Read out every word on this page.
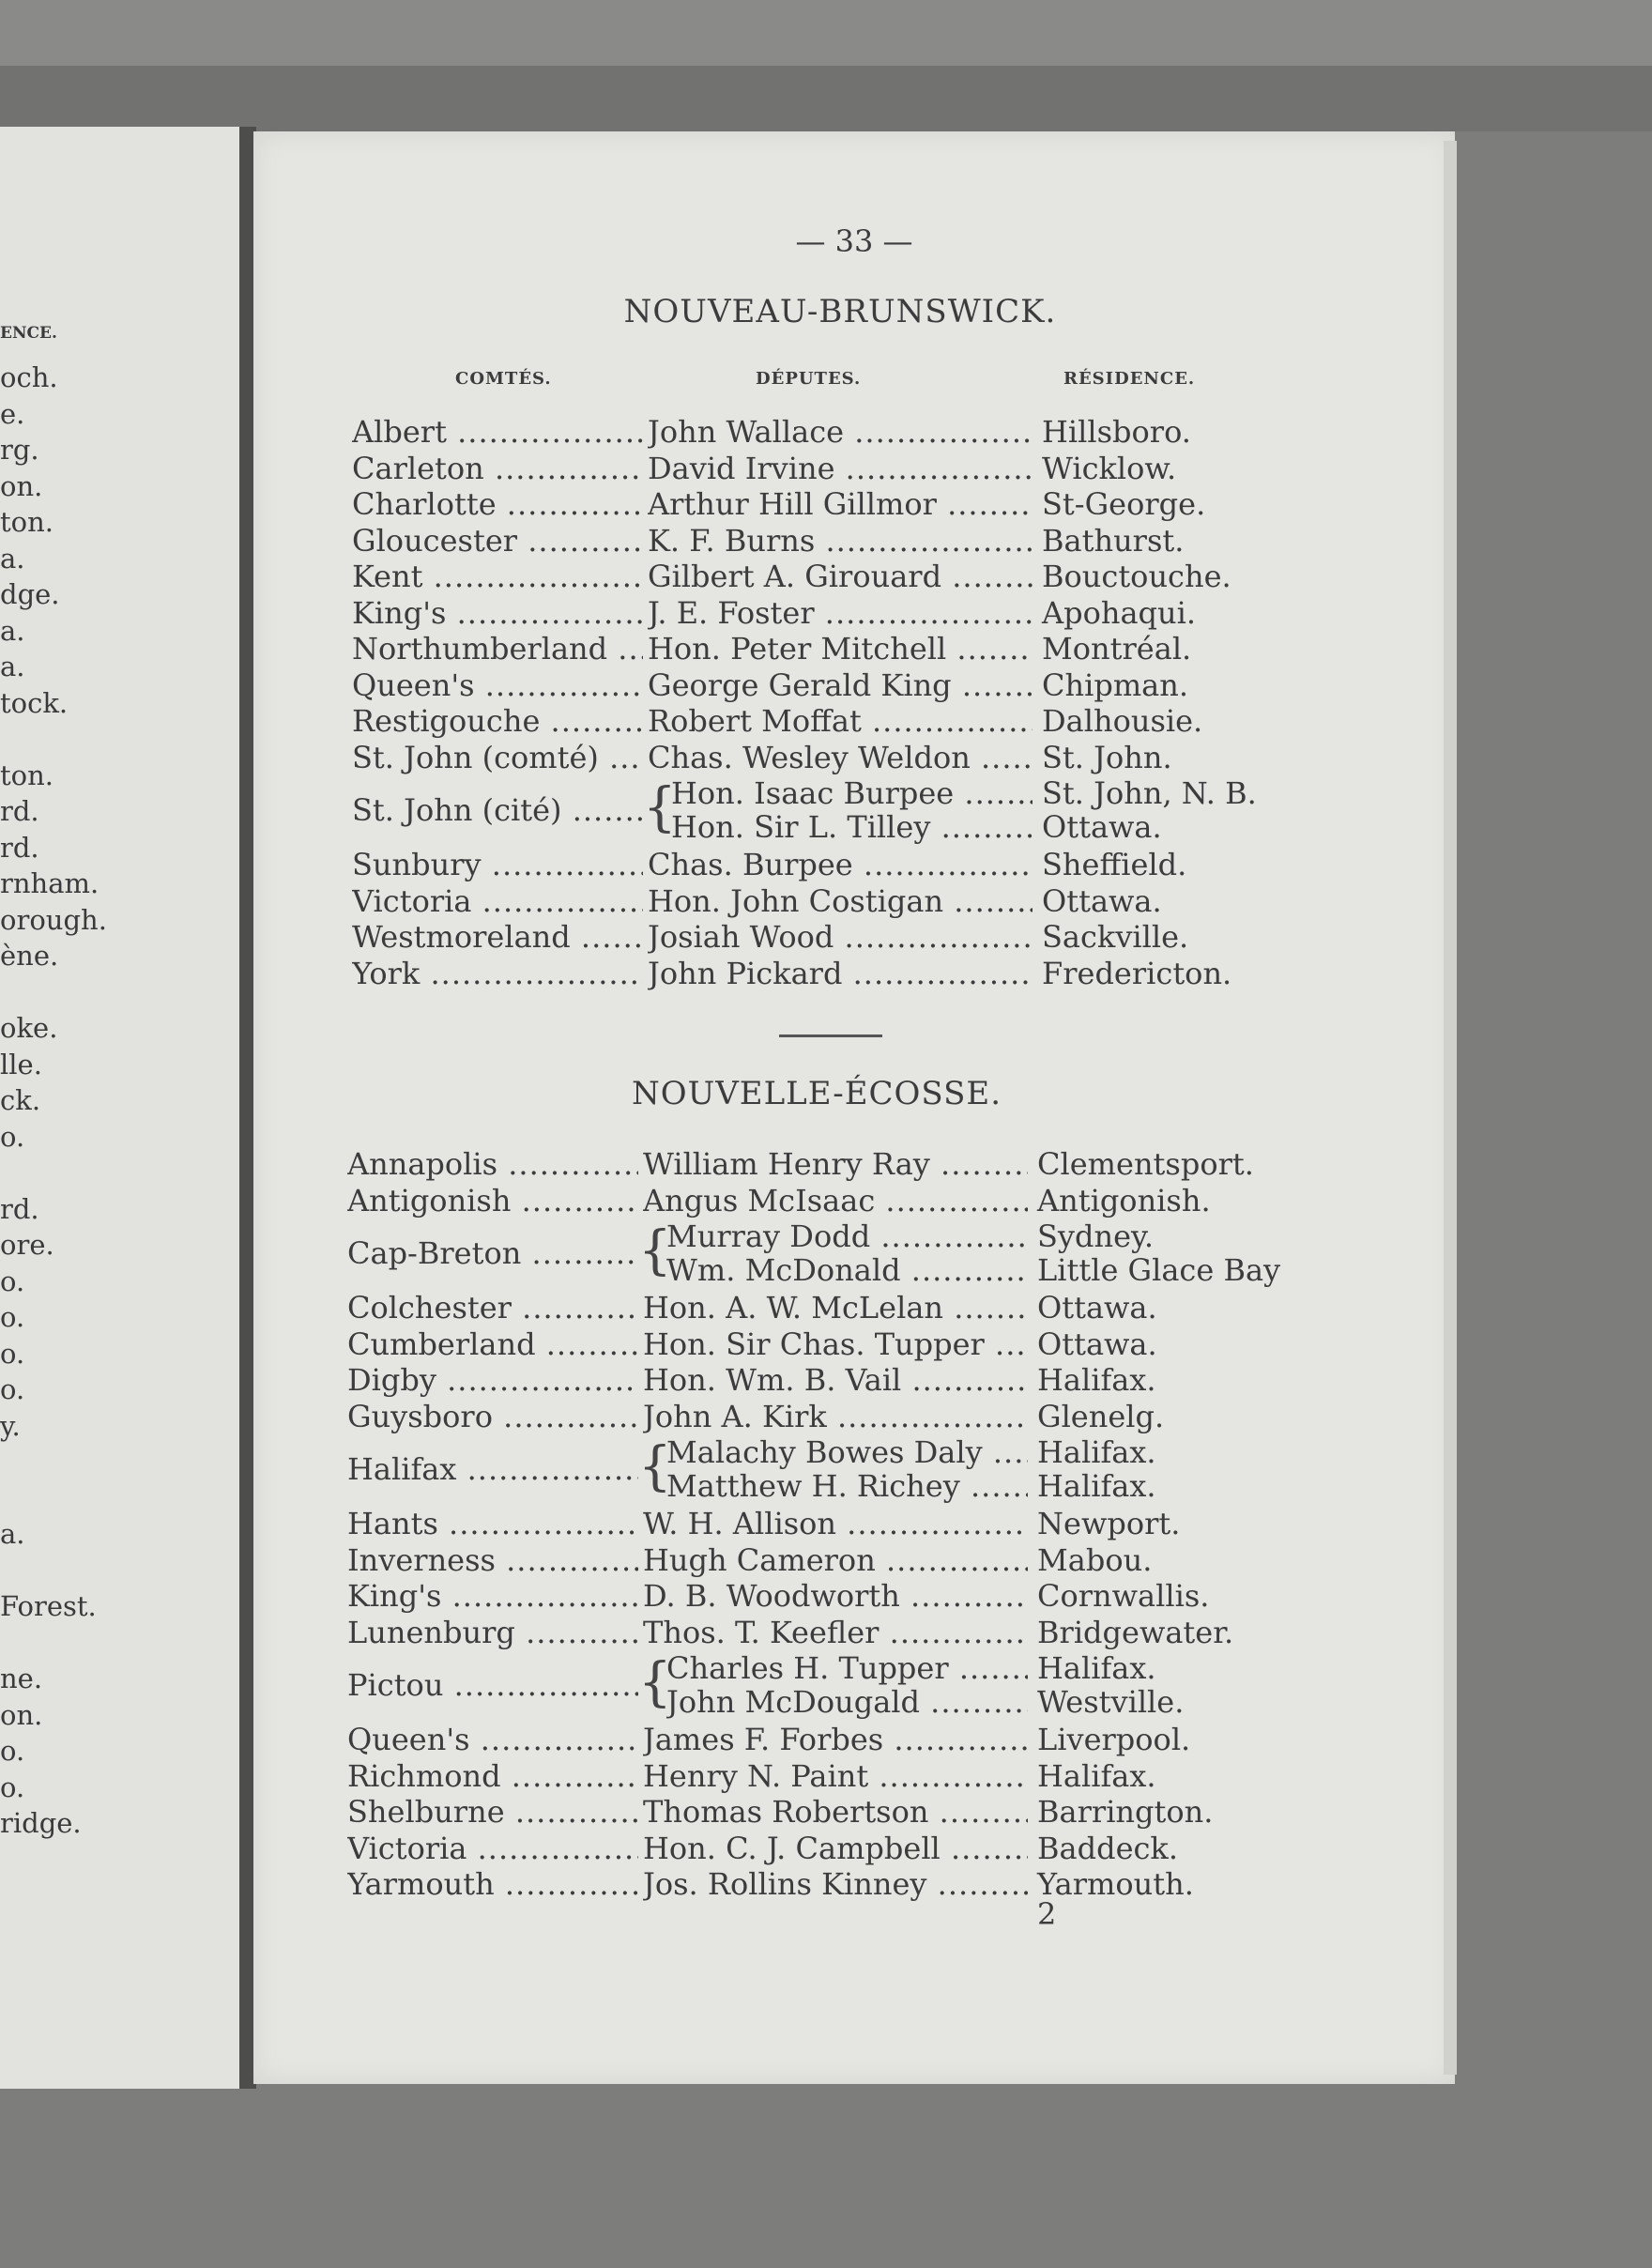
ENCE.
och.
e.
rg.
on.
ton.
a.
dge.
a.
a.
tock.
ton.
rd.
rd.
rnham.
orough.
ène.
oke.
lle.
ck.
o.
rd.
ore.
o.
o.
o.
o.
y.
a.
Forest.
ne.
on.
o.
o.
ridge.
— 33 —
NOUVEAU-BRUNSWICK.
COMTÉS.	DÉPUTES.	RÉSIDENCE.
Albert .....	John Wallace .....	Hillsboro.
Carleton .....	David Irvine .....	Wicklow.
Charlotte .....	Arthur Hill Gillmor .....	St-George.
Gloucester .....	K. F. Burns .....	Bathurst.
Kent .....	Gilbert A. Girouard .....	Bouctouche.
King's .....	J. E. Foster .....	Apohaqui.
Northumberland .....	Hon. Peter Mitchell .....	Montréal.
Queen's .....	George Gerald King .....	Chipman.
Restigouche .....	Robert Moffat .....	Dalhousie.
St. John (comté) .....	Chas. Wesley Weldon .....	St. John.
St. John (cité) .....	{
Hon. Isaac Burpee .....	St. John, N. B.
Hon. Sir L. Tilley .....	Ottawa.
Sunbury .....	Chas. Burpee .....	Sheffield.
Victoria .....	Hon. John Costigan .....	Ottawa.
Westmoreland .....	Josiah Wood .....	Sackville.
York .....	John Pickard .....	Fredericton.
NOUVELLE-ÉCOSSE.
Annapolis .....	William Henry Ray .....	Clementsport.
Antigonish .....	Angus McIsaac .....	Antigonish.
Cap-Breton .....	{
Murray Dodd .....	Sydney.
Wm. McDonald .....	Little Glace Bay
Colchester .....	Hon. A. W. McLelan .....	Ottawa.
Cumberland .....	Hon. Sir Chas. Tupper .....	Ottawa.
Digby .....	Hon. Wm. B. Vail .....	Halifax.
Guysboro .....	John A. Kirk .....	Glenelg.
Halifax .....	{
Malachy Bowes Daly .....	Halifax.
Matthew H. Richey .....	Halifax.
Hants .....	W. H. Allison .....	Newport.
Inverness .....	Hugh Cameron .....	Mabou.
King's .....	D. B. Woodworth .....	Cornwallis.
Lunenburg .....	Thos. T. Keefler .....	Bridgewater.
Pictou .....	{
Charles H. Tupper .....	Halifax.
John McDougald .....	Westville.
Queen's .....	James F. Forbes .....	Liverpool.
Richmond .....	Henry N. Paint .....	Halifax.
Shelburne .....	Thomas Robertson .....	Barrington.
Victoria .....	Hon. C. J. Campbell .....	Baddeck.
Yarmouth .....	Jos. Rollins Kinney .....	Yarmouth.
2
